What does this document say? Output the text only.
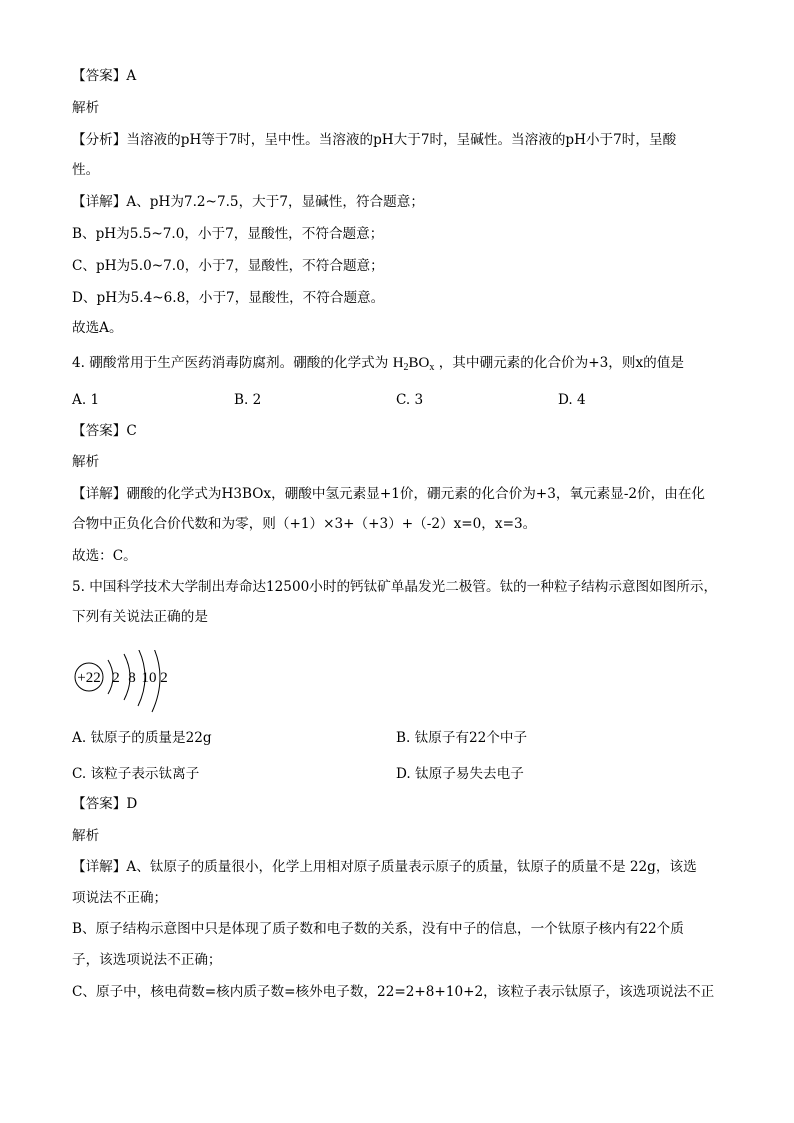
【答案】A

解析

【分析】当溶液的pH等于7时，呈中性。当溶液的pH大于7时，呈碱性。当溶液的pH小于7时，呈酸

性。

【详解】A、pH为7.2~7.5，大于7，显碱性，符合题意；

B、pH为5.5~7.0，小于7，显酸性，不符合题意；

C、pH为5.0~7.0，小于7，显酸性，不符合题意；

D、pH为5.4~6.8，小于7，显酸性，不符合题意。

故选A。

4. 硼酸常用于生产医药消毒防腐剂。硼酸的化学式为 $H_2BO_x$ ，其中硼元素的化合价为+3，则x的值是

A. 1	B. 2	C. 3	D. 4

【答案】C

解析

【详解】硼酸的化学式为H3BOx，硼酸中氢元素显+1价，硼元素的化合价为+3，氧元素显-2价，由在化

合物中正负化合价代数和为零，则（+1）×3+（+3）+（-2）x=0，x=3。

故选：C。

5. 中国科学技术大学制出寿命达12500小时的钙钛矿单晶发光二极管。钛的一种粒子结构示意图如图所示，

下列有关说法正确的是

+22 2 8 10 2
A. 钛原子的质量是22g	B. 钛原子有22个中子
C. 该粒子表示钛离子	D. 钛原子易失去电子

【答案】D

解析

【详解】A、钛原子的质量很小，化学上用相对原子质量表示原子的质量，钛原子的质量不是 22g，该选

项说法不正确；

B、原子结构示意图中只是体现了质子数和电子数的关系，没有中子的信息，一个钛原子核内有22个质

子，该选项说法不正确；

C、原子中，核电荷数=核内质子数=核外电子数，22=2+8+10+2，该粒子表示钛原子，该选项说法不正
